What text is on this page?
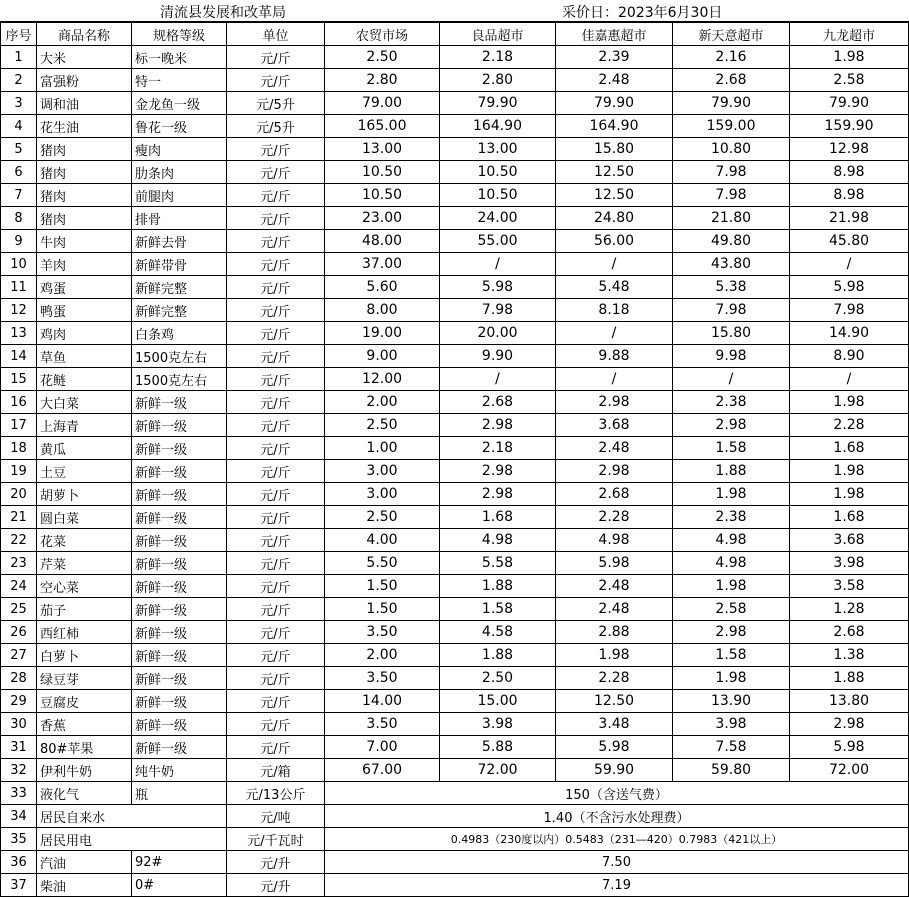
清流县发展和改革局	采价日：2023年6月30日
序号	商品名称	规格等级	单位	农贸市场	良品超市	佳嘉惠超市	新天意超市	九龙超市
1	大米	标一晚米	元/斤	2.50	2.18	2.39	2.16	1.98
2	富强粉	特一	元/斤	2.80	2.80	2.48	2.68	2.58
3	调和油	金龙鱼一级	元/5升	79.00	79.90	79.90	79.90	79.90
4	花生油	鲁花一级	元/5升	165.00	164.90	164.90	159.00	159.90
5	猪肉	瘦肉	元/斤	13.00	13.00	15.80	10.80	12.98
6	猪肉	肋条肉	元/斤	10.50	10.50	12.50	7.98	8.98
7	猪肉	前腿肉	元/斤	10.50	10.50	12.50	7.98	8.98
8	猪肉	排骨	元/斤	23.00	24.00	24.80	21.80	21.98
9	牛肉	新鲜去骨	元/斤	48.00	55.00	56.00	49.80	45.80
10	羊肉	新鲜带骨	元/斤	37.00	/	/	43.80	/
11	鸡蛋	新鲜完整	元/斤	5.60	5.98	5.48	5.38	5.98
12	鸭蛋	新鲜完整	元/斤	8.00	7.98	8.18	7.98	7.98
13	鸡肉	白条鸡	元/斤	19.00	20.00	/	15.80	14.90
14	草鱼	1500克左右	元/斤	9.00	9.90	9.88	9.98	8.90
15	花鲢	1500克左右	元/斤	12.00	/	/	/	/
16	大白菜	新鲜一级	元/斤	2.00	2.68	2.98	2.38	1.98
17	上海青	新鲜一级	元/斤	2.50	2.98	3.68	2.98	2.28
18	黄瓜	新鲜一级	元/斤	1.00	2.18	2.48	1.58	1.68
19	土豆	新鲜一级	元/斤	3.00	2.98	2.98	1.88	1.98
20	胡萝卜	新鲜一级	元/斤	3.00	2.98	2.68	1.98	1.98
21	圆白菜	新鲜一级	元/斤	2.50	1.68	2.28	2.38	1.68
22	花菜	新鲜一级	元/斤	4.00	4.98	4.98	4.98	3.68
23	芹菜	新鲜一级	元/斤	5.50	5.58	5.98	4.98	3.98
24	空心菜	新鲜一级	元/斤	1.50	1.88	2.48	1.98	3.58
25	茄子	新鲜一级	元/斤	1.50	1.58	2.48	2.58	1.28
26	西红柿	新鲜一级	元/斤	3.50	4.58	2.88	2.98	2.68
27	白萝卜	新鲜一级	元/斤	2.00	1.88	1.98	1.58	1.38
28	绿豆芽	新鲜一级	元/斤	3.50	2.50	2.28	1.98	1.88
29	豆腐皮	新鲜一级	元/斤	14.00	15.00	12.50	13.90	13.80
30	香蕉	新鲜一级	元/斤	3.50	3.98	3.48	3.98	2.98
31	80#苹果	新鲜一级	元/斤	7.00	5.88	5.98	7.58	5.98
32	伊利牛奶	纯牛奶	元/箱	67.00	72.00	59.90	59.80	72.00
33	液化气	瓶	元/13公斤	150（含送气费）				
34	居民自来水		元/吨	1.40（不含污水处理费）				
35	居民用电		元/千瓦时	0.4983（230度以内）0.5483（231—420）0.7983（421以上）				
36	汽油	92#	元/升	7.50				
37	柴油	0#	元/升	7.19				
